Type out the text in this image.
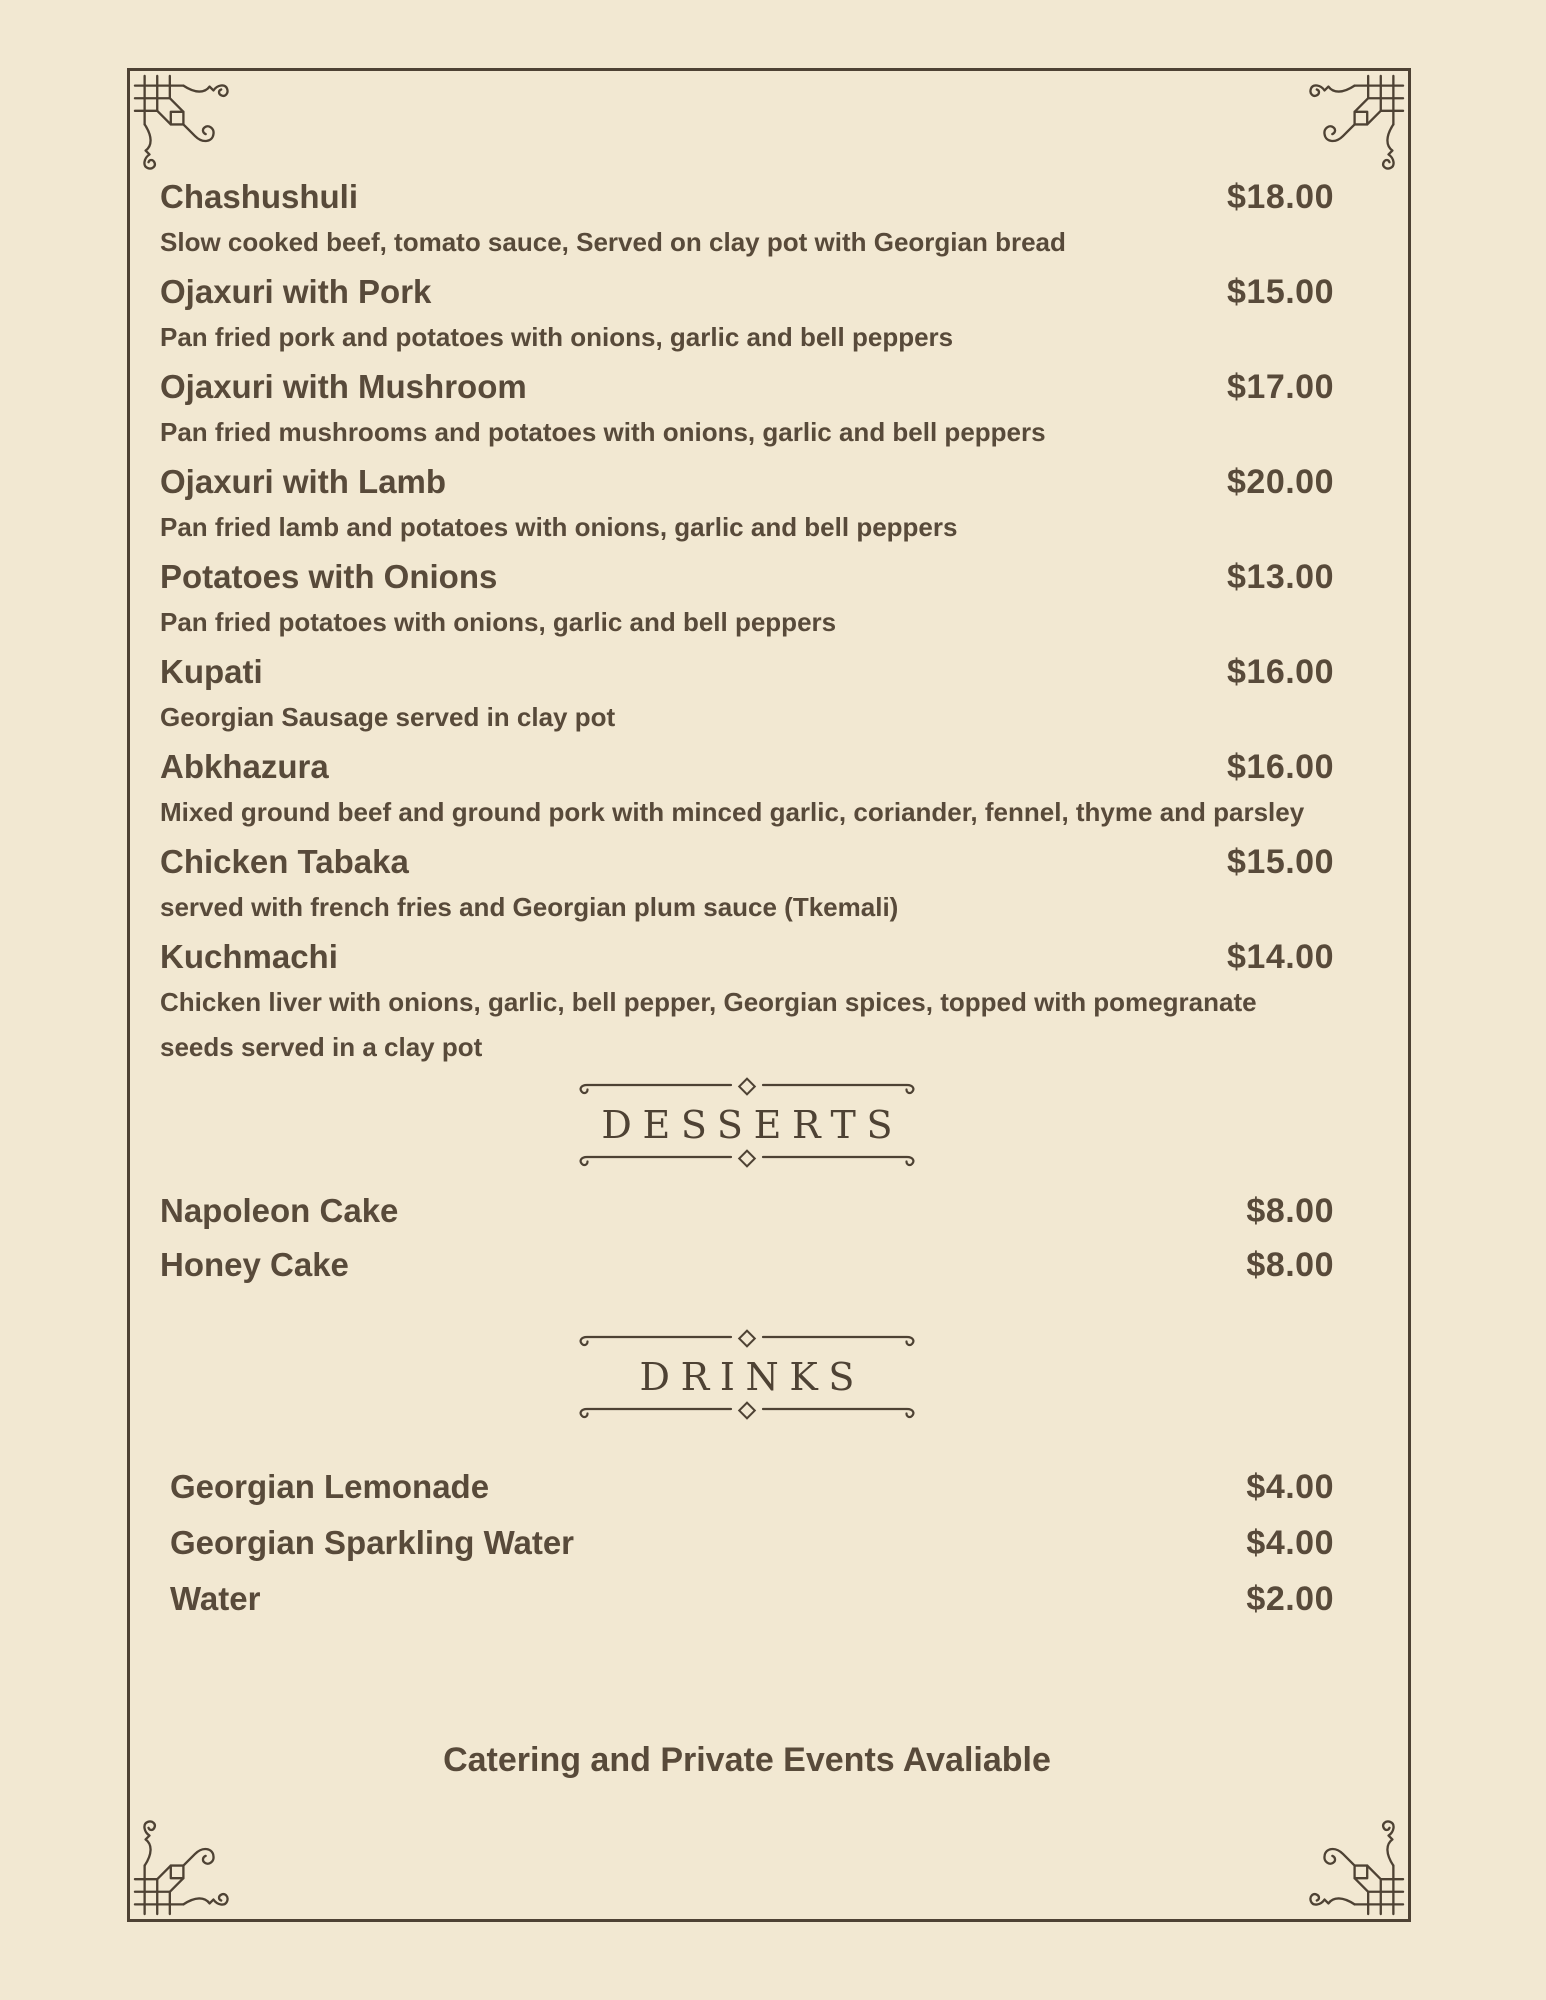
Chashushuli	$18.00
Slow cooked beef, tomato sauce, Served on clay pot with Georgian bread
Ojaxuri with Pork	$15.00
Pan fried pork and potatoes with onions, garlic and bell peppers
Ojaxuri with Mushroom	$17.00
Pan fried mushrooms and potatoes with onions, garlic and bell peppers
Ojaxuri with Lamb	$20.00
Pan fried lamb and potatoes with onions, garlic and bell peppers
Potatoes with Onions	$13.00
Pan fried potatoes with onions, garlic and bell peppers
Kupati	$16.00
Georgian Sausage served in clay pot
Abkhazura	$16.00
Mixed ground beef and ground pork with minced garlic, coriander, fennel, thyme and parsley
Chicken Tabaka	$15.00
served with french fries and Georgian plum sauce (Tkemali)
Kuchmachi	$14.00
Chicken liver with onions, garlic, bell pepper, Georgian spices, topped with pomegranate seeds served in a clay pot
DESSERTS
Napoleon Cake	$8.00
Honey Cake	$8.00
DRINKS
Georgian Lemonade	$4.00
Georgian Sparkling Water	$4.00
Water	$2.00
Catering and Private Events Avaliable
